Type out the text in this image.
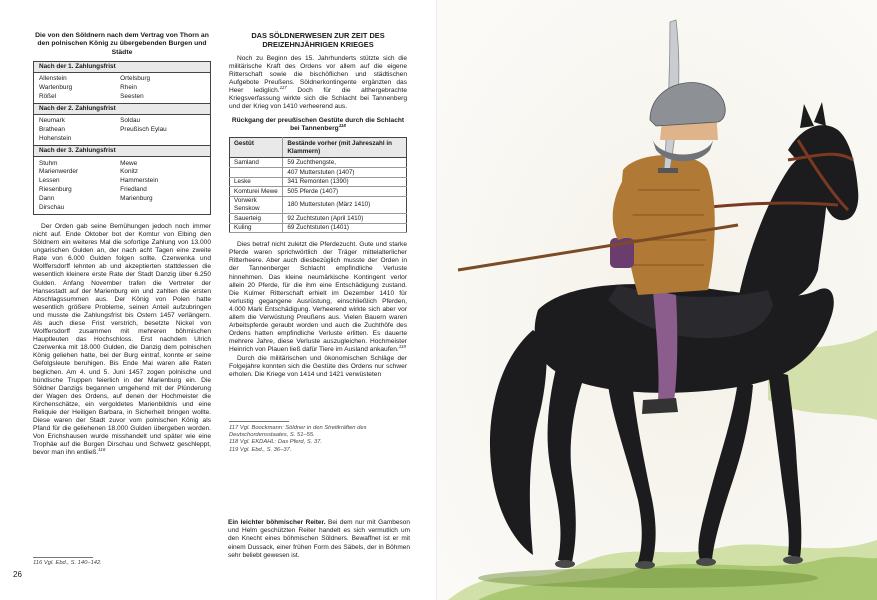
Die von den Söldnern nach dem Vertrag von Thorn an den polnischen König zu übergebenden Burgen und Städte
Nach der 1. Zahlungsfrist	

Allenstein	Ortelsburg
Wartenburg	Rhein
Rößel	Seesten

Nach der 2. Zahlungsfrist	

Neumark	Soldau
Brathean	Preußisch Eylau
Hohenstein	

Nach der 3. Zahlungsfrist	

Stuhm	Mewe
Marienwerder	Konitz
Lessen	Hammerstein
Riesenburg	Friedland
Dann	Marienburg
Dirschau	

Der Orden gab seine Bemühungen jedoch noch immer nicht auf. Ende Oktober bot der Komtur von Elbing den Söldnern ein weiteres Mal die sofortige Zahlung von 13.000 ungarischen Gulden an, der nach acht Tagen eine zweite Rate von 6.000 Gulden folgen sollte. Czerwenka und Wolffersdorff lehnten ab und akzeptierten stattdessen die wesentlich kleinere erste Rate der Stadt Danzig über 6.250 Gulden. Anfang November trafen die Vertreter der Hansestadt auf der Marienburg ein und zahlten die ersten Abschlagssummen aus. Der König von Polen hatte wesentlich größere Probleme, seinen Anteil aufzubringen und musste die Zahlungsfrist bis Ostern 1457 verlängern. Als auch diese Frist verstrich, besetzte Nickel von Wolffersdorff zusammen mit mehreren böhmischen Hauptleuten das Hochschloss. Erst nachdem Ulrich Czerwenka mit 18.000 Gulden, die Danzig dem polnischen König geliehen hatte, bei der Burg eintraf, konnte er seine Gefolgsleute beruhigen. Bis Ende Mai waren alle Raten beglichen. Am 4. und 5. Juni 1457 zogen polnische und bündische Truppen feierlich in der Marienburg ein. Die Söldner Danzigs begannen umgehend mit der Plünderung der Wagen des Ordens, auf denen der Hochmeister die Kirchenschätze, ein vergoldetes Marienbildnis und eine Reliquie der Heiligen Barbara, in Sicherheit bringen wollte. Diese waren der Stadt zuvor vom polnischen König als Pfand für die geliehenen 18.000 Gulden übergeben worden. Von Erichshausen wurde misshandelt und später wie eine Trophäe auf die Burgen Dirschau und Schwetz geschleppt, bevor man ihn entließ.$^{116}$

116 Vgl. Ebd., S. 140–142.
26
DAS SÖLDNERWESEN ZUR ZEIT DES DREIZEHNJÄHRIGEN KRIEGES

Noch zu Beginn des 15. Jahrhunderts stützte sich die militärische Kraft des Ordens vor allem auf die eigene Ritterschaft sowie die bischöflichen und städtischen Aufgebote Preußens. Söldnerkontingente ergänzten das Heer lediglich.$^{117}$ Doch für die althergebrachte Kriegsverfassung wirkte sich die Schlacht bei Tannenberg und der Krieg von 1410 verheerend aus.

Rückgang der preußischen Gestüte durch die Schlacht bei Tannenberg$^{118}$
Gestüt	Bestände vorher (mit Jahreszahl in Klammern)
Samland	59 Zuchthengste,
	407 Mutterstuten (1407)
Leske	341 Remonten (1390)
Komturei Mewe	505 Pferde (1407)
Vorwerk Senskow	180 Mutterstuten (März 1410)
Sauerteig	92 Zuchtstuten (April 1410)
Kuling	69 Zuchtstuten (1401)

Dies betraf nicht zuletzt die Pferdezucht. Gute und starke Pferde waren sprichwörtlich der Träger mittelalterlicher Ritterheere. Aber auch diesbezüglich musste der Orden in der Tannenberger Schlacht empfindliche Verluste hinnehmen. Das kleine neumärkische Kontingent verlor allein 20 Pferde, für die ihm eine Entschädigung zustand. Die Kulmer Ritterschaft erhielt im Dezember 1410 für verlustig gegangene Ausrüstung, einschließlich Pferden, 4.000 Mark Entschädigung. Verheerend wirkte sich aber vor allem die Verwüstung Preußens aus. Vielen Bauern waren Arbeitspferde geraubt worden und auch die Zuchthöfe des Ordens hatten empfindliche Verluste erlitten. Es dauerte mehrere Jahre, diese Verluste auszugleichen. Hochmeister Heinrich von Plauen ließ dafür Tiere im Ausland ankaufen.$^{119}$

Durch die militärischen und ökonomischen Schläge der Folgejahre konnten sich die Gestüte des Ordens nur schwer erholen. Die Kriege von 1414 und 1421 verwüsteten

117 Vgl. Boockmann: Söldner in den Streitkräften des Deutschordensstaates, S. 51–55.
118 Vgl. EKDAHL: Das Pferd, S. 37.
119 Vgl. Ebd., S. 36–37.
Ein leichter böhmischer Reiter. Bei dem nur mit Gambeson und Helm geschützten Reiter handelt es sich vermutlich um den Knecht eines böhmischen Söldners. Bewaffnet ist er mit einem Dussack, einer frühen Form des Säbels, der in Böhmen sehr beliebt gewesen ist.
